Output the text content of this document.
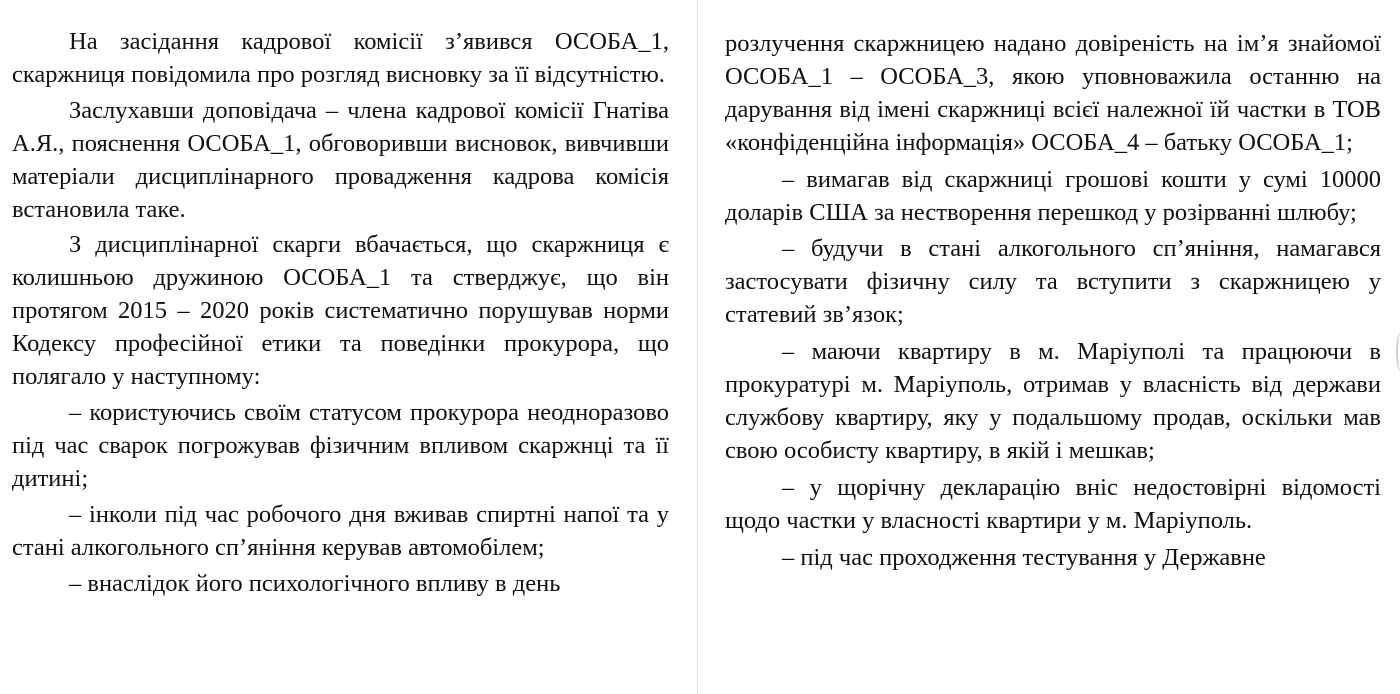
На засідання кадрової комісії з’явився ОСОБА_1, скаржниця повідомила про розгляд висновку за її відсутністю.

Заслухавши доповідача – члена кадрової комісії Гнатіва А.Я., пояснення ОСОБА_1, обговоривши висновок, вивчивши матеріали дисциплінарного провадження кадрова комісія встановила таке.

З дисциплінарної скарги вбачається, що скаржниця є колишньою дружиною ОСОБА_1 та стверджує, що він протягом 2015 – 2020 років систематично порушував норми Кодексу професійної етики та поведінки прокурора, що полягало у наступному:

– користуючись своїм статусом прокурора неодноразово під час сварок погрожував фізичним впливом скаржнці та її дитині;

– інколи під час робочого дня вживав спиртні напої та у стані алкогольного сп’яніння керував автомобілем;

– внаслідок його психологічного впливу в день

розлучення скаржницею надано довіреність на ім’я знайомої ОСОБА_1 – ОСОБА_3, якою уповноважила останню на дарування від імені скаржниці всієї належної їй частки в ТОВ «конфіденційна інформація» ОСОБА_4 – батьку ОСОБА_1;

– вимагав від скаржниці грошові кошти у сумі 10000 доларів США за нествoрення перешкод у розірванні шлюбу;

– будучи в стані алкогольного сп’яніння, намагався застосувати фізичну силу та вступити з скаржницею у статевий зв’язок;

– маючи квартиру в м. Маріуполі та працюючи в прокуратурі м. Маріуполь, отримав у власність від держави службову квартиру, яку у подальшому продав, оскільки мав свою особисту квартиру, в якій і мешкав;

– у щорічну декларацію вніс недостовірні відомості щодо частки у власності квартири у м. Маріуполь.

– під час проходження тестування у Державне
